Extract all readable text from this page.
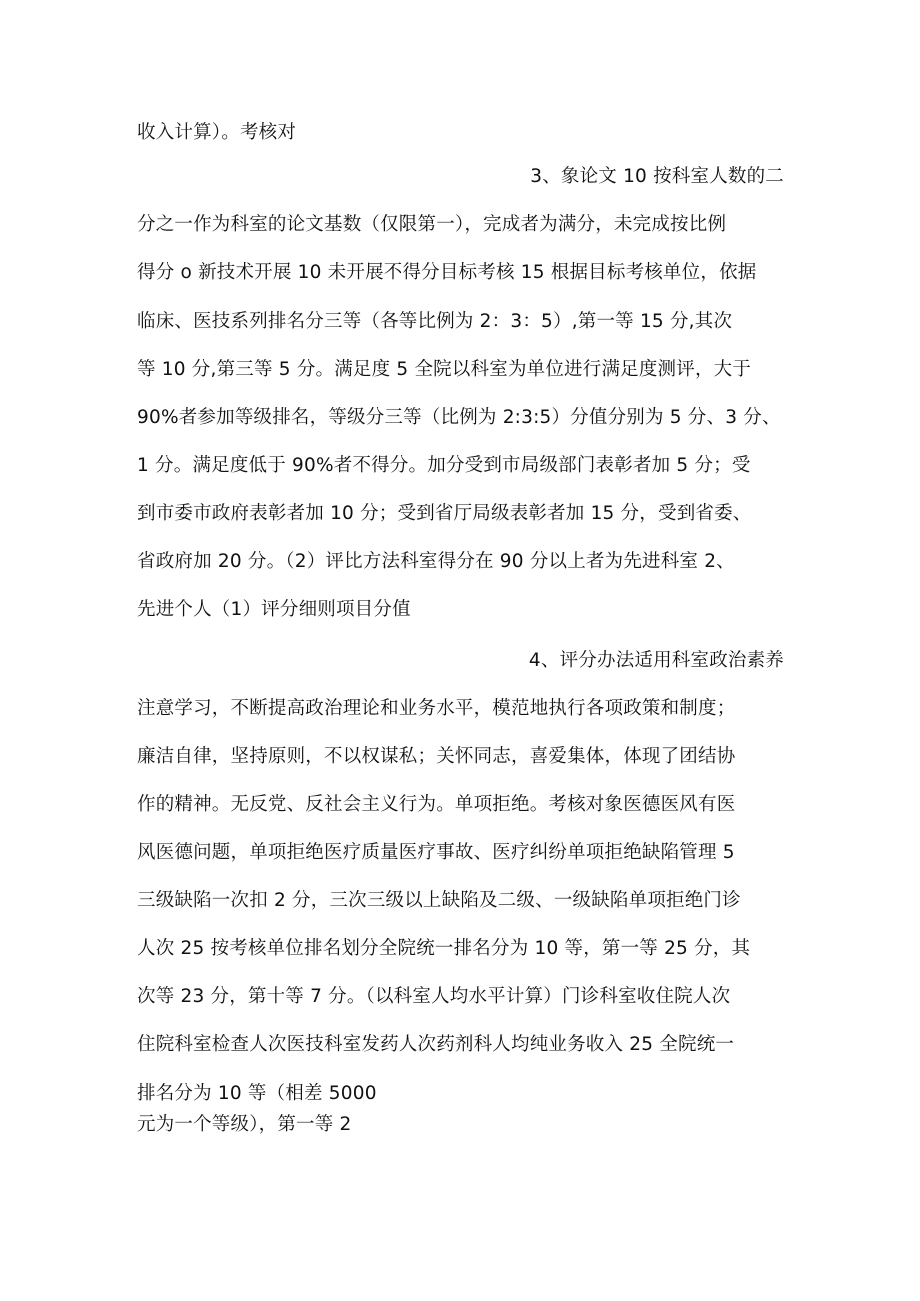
收入计算）。考核对
3、象论文 10 按科室人数的二
分之一作为科室的论文基数（仅限第一），完成者为满分，未完成按比例
得分 o 新技术开展 10 未开展不得分目标考核 15 根据目标考核单位，依据
临床、医技系列排名分三等（各等比例为 2：3：5）,第一等 15 分,其次
等 10 分,第三等 5 分。满足度 5 全院以科室为单位进行满足度测评，大于
90%者参加等级排名，等级分三等（比例为 2:3:5）分值分别为 5 分、3 分、
1 分。满足度低于 90%者不得分。加分受到市局级部门表彰者加 5 分；受
到市委市政府表彰者加 10 分；受到省厅局级表彰者加 15 分，受到省委、
省政府加 20 分。（2）评比方法科室得分在 90 分以上者为先进科室 2、
先进个人（1）评分细则项目分值
4、评分办法适用科室政治素养
注意学习，不断提高政治理论和业务水平，模范地执行各项政策和制度；
廉洁自律，坚持原则，不以权谋私；关怀同志，喜爱集体，体现了团结协
作的精神。无反党、反社会主义行为。单项拒绝。考核对象医德医风有医
风医德问题，单项拒绝医疗质量医疗事故、医疗纠纷单项拒绝缺陷管理 5
三级缺陷一次扣 2 分，三次三级以上缺陷及二级、一级缺陷单项拒绝门诊
人次 25 按考核单位排名划分全院统一排名分为 10 等，第一等 25 分，其
次等 23 分，第十等 7 分。（以科室人均水平计算）门诊科室收住院人次
住院科室检查人次医技科室发药人次药剂科人均纯业务收入 25 全院统一
排名分为 10 等（相差 5000
元为一个等级），第一等 2
